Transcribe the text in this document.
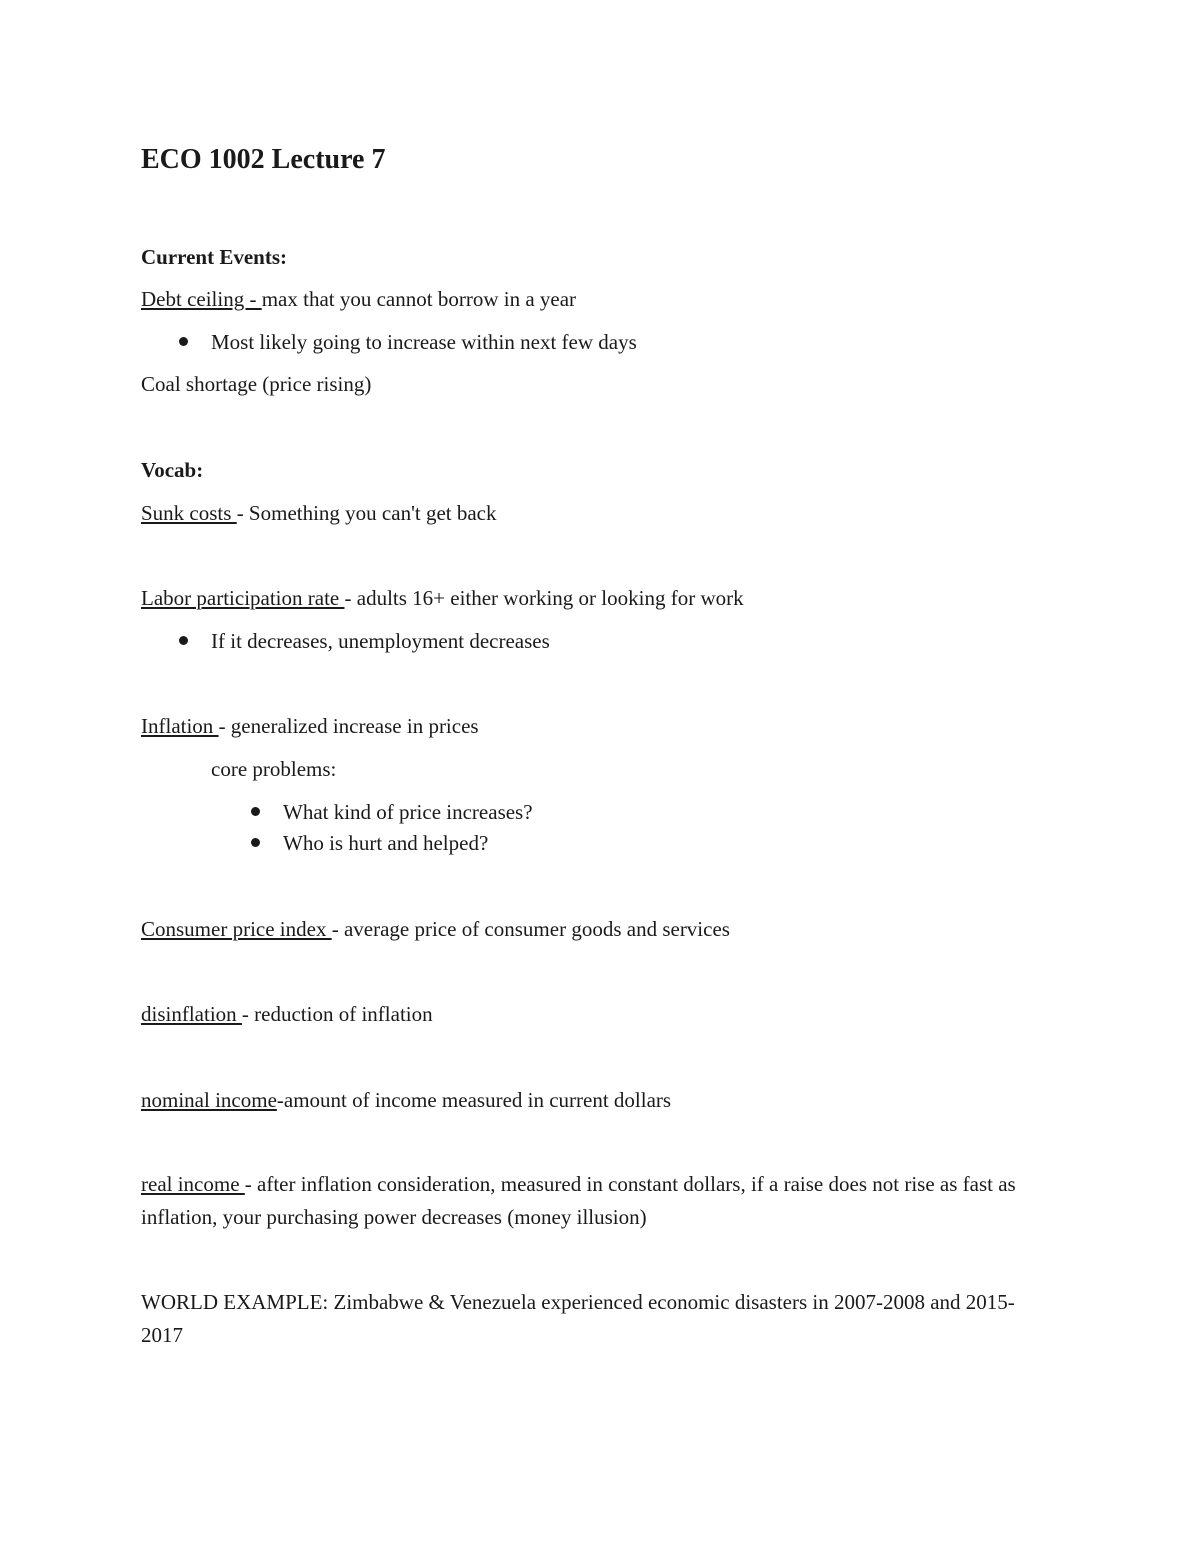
ECO 1002 Lecture 7
Current Events:
Debt ceiling - max that you cannot borrow in a year
Most likely going to increase within next few days
Coal shortage (price rising)
Vocab:
Sunk costs - Something you can't get back
Labor participation rate - adults 16+ either working or looking for work
If it decreases, unemployment decreases
Inflation - generalized increase in prices
core problems:
What kind of price increases?
Who is hurt and helped?
Consumer price index - average price of consumer goods and services
disinflation - reduction of inflation
nominal income-amount of income measured in current dollars
real income - after inflation consideration, measured in constant dollars, if a raise does not rise as fast as inflation, your purchasing power decreases (money illusion)
WORLD EXAMPLE: Zimbabwe & Venezuela experienced economic disasters in 2007-2008 and 2015-2017
